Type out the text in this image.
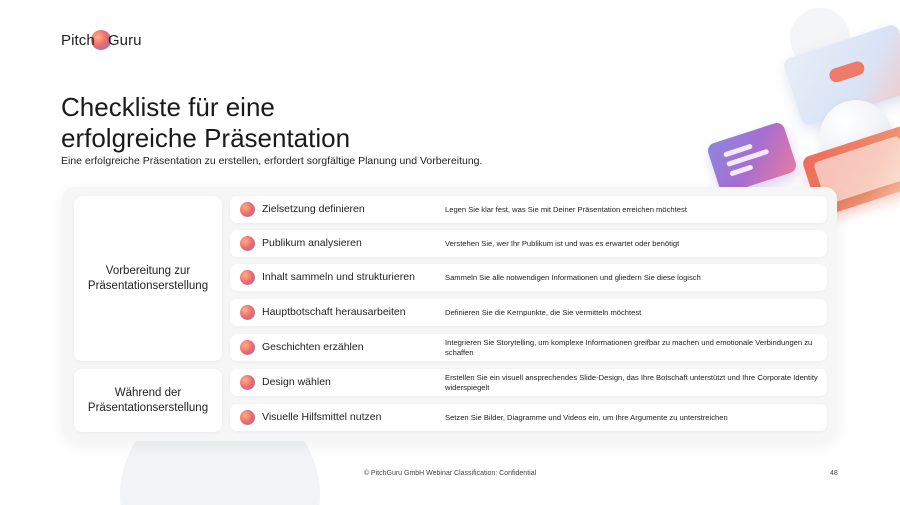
Pitch Guru
Checkliste für eine
erfolgreiche Präsentation

Eine erfolgreiche Präsentation zu erstellen, erfordert sorgfältige Planung und Vorbereitung.

Vorbereitung zur
Präsentationserstellung
Während der
Präsentationserstellung
Zielsetzung definieren	Legen Sie klar fest, was Sie mit Deiner Präsentation erreichen möchtest
Publikum analysieren	Verstehen Sie, wer Ihr Publikum ist und was es erwartet oder benötigt
Inhalt sammeln und strukturieren	Sammeln Sie alle notwendigen Informationen und gliedern Sie diese logisch
Hauptbotschaft herausarbeiten	Definieren Sie die Kernpunkte, die Sie vermitteln möchtest
Geschichten erzählen	Integrieren Sie Storytelling, um komplexe Informationen greifbar zu machen und emotionale Verbindungen zu schaffen
Design wählen	Erstellen Sie ein visuell ansprechendes Slide-Design, das Ihre Botschaft unterstützt und Ihre Corporate Identity widerspiegelt
Visuelle Hilfsmittel nutzen	Setzen Sie Bilder, Diagramme und Videos ein, um Ihre Argumente zu unterstreichen
© PitchGuru GmbH Webinar Classification: Confidential	48
